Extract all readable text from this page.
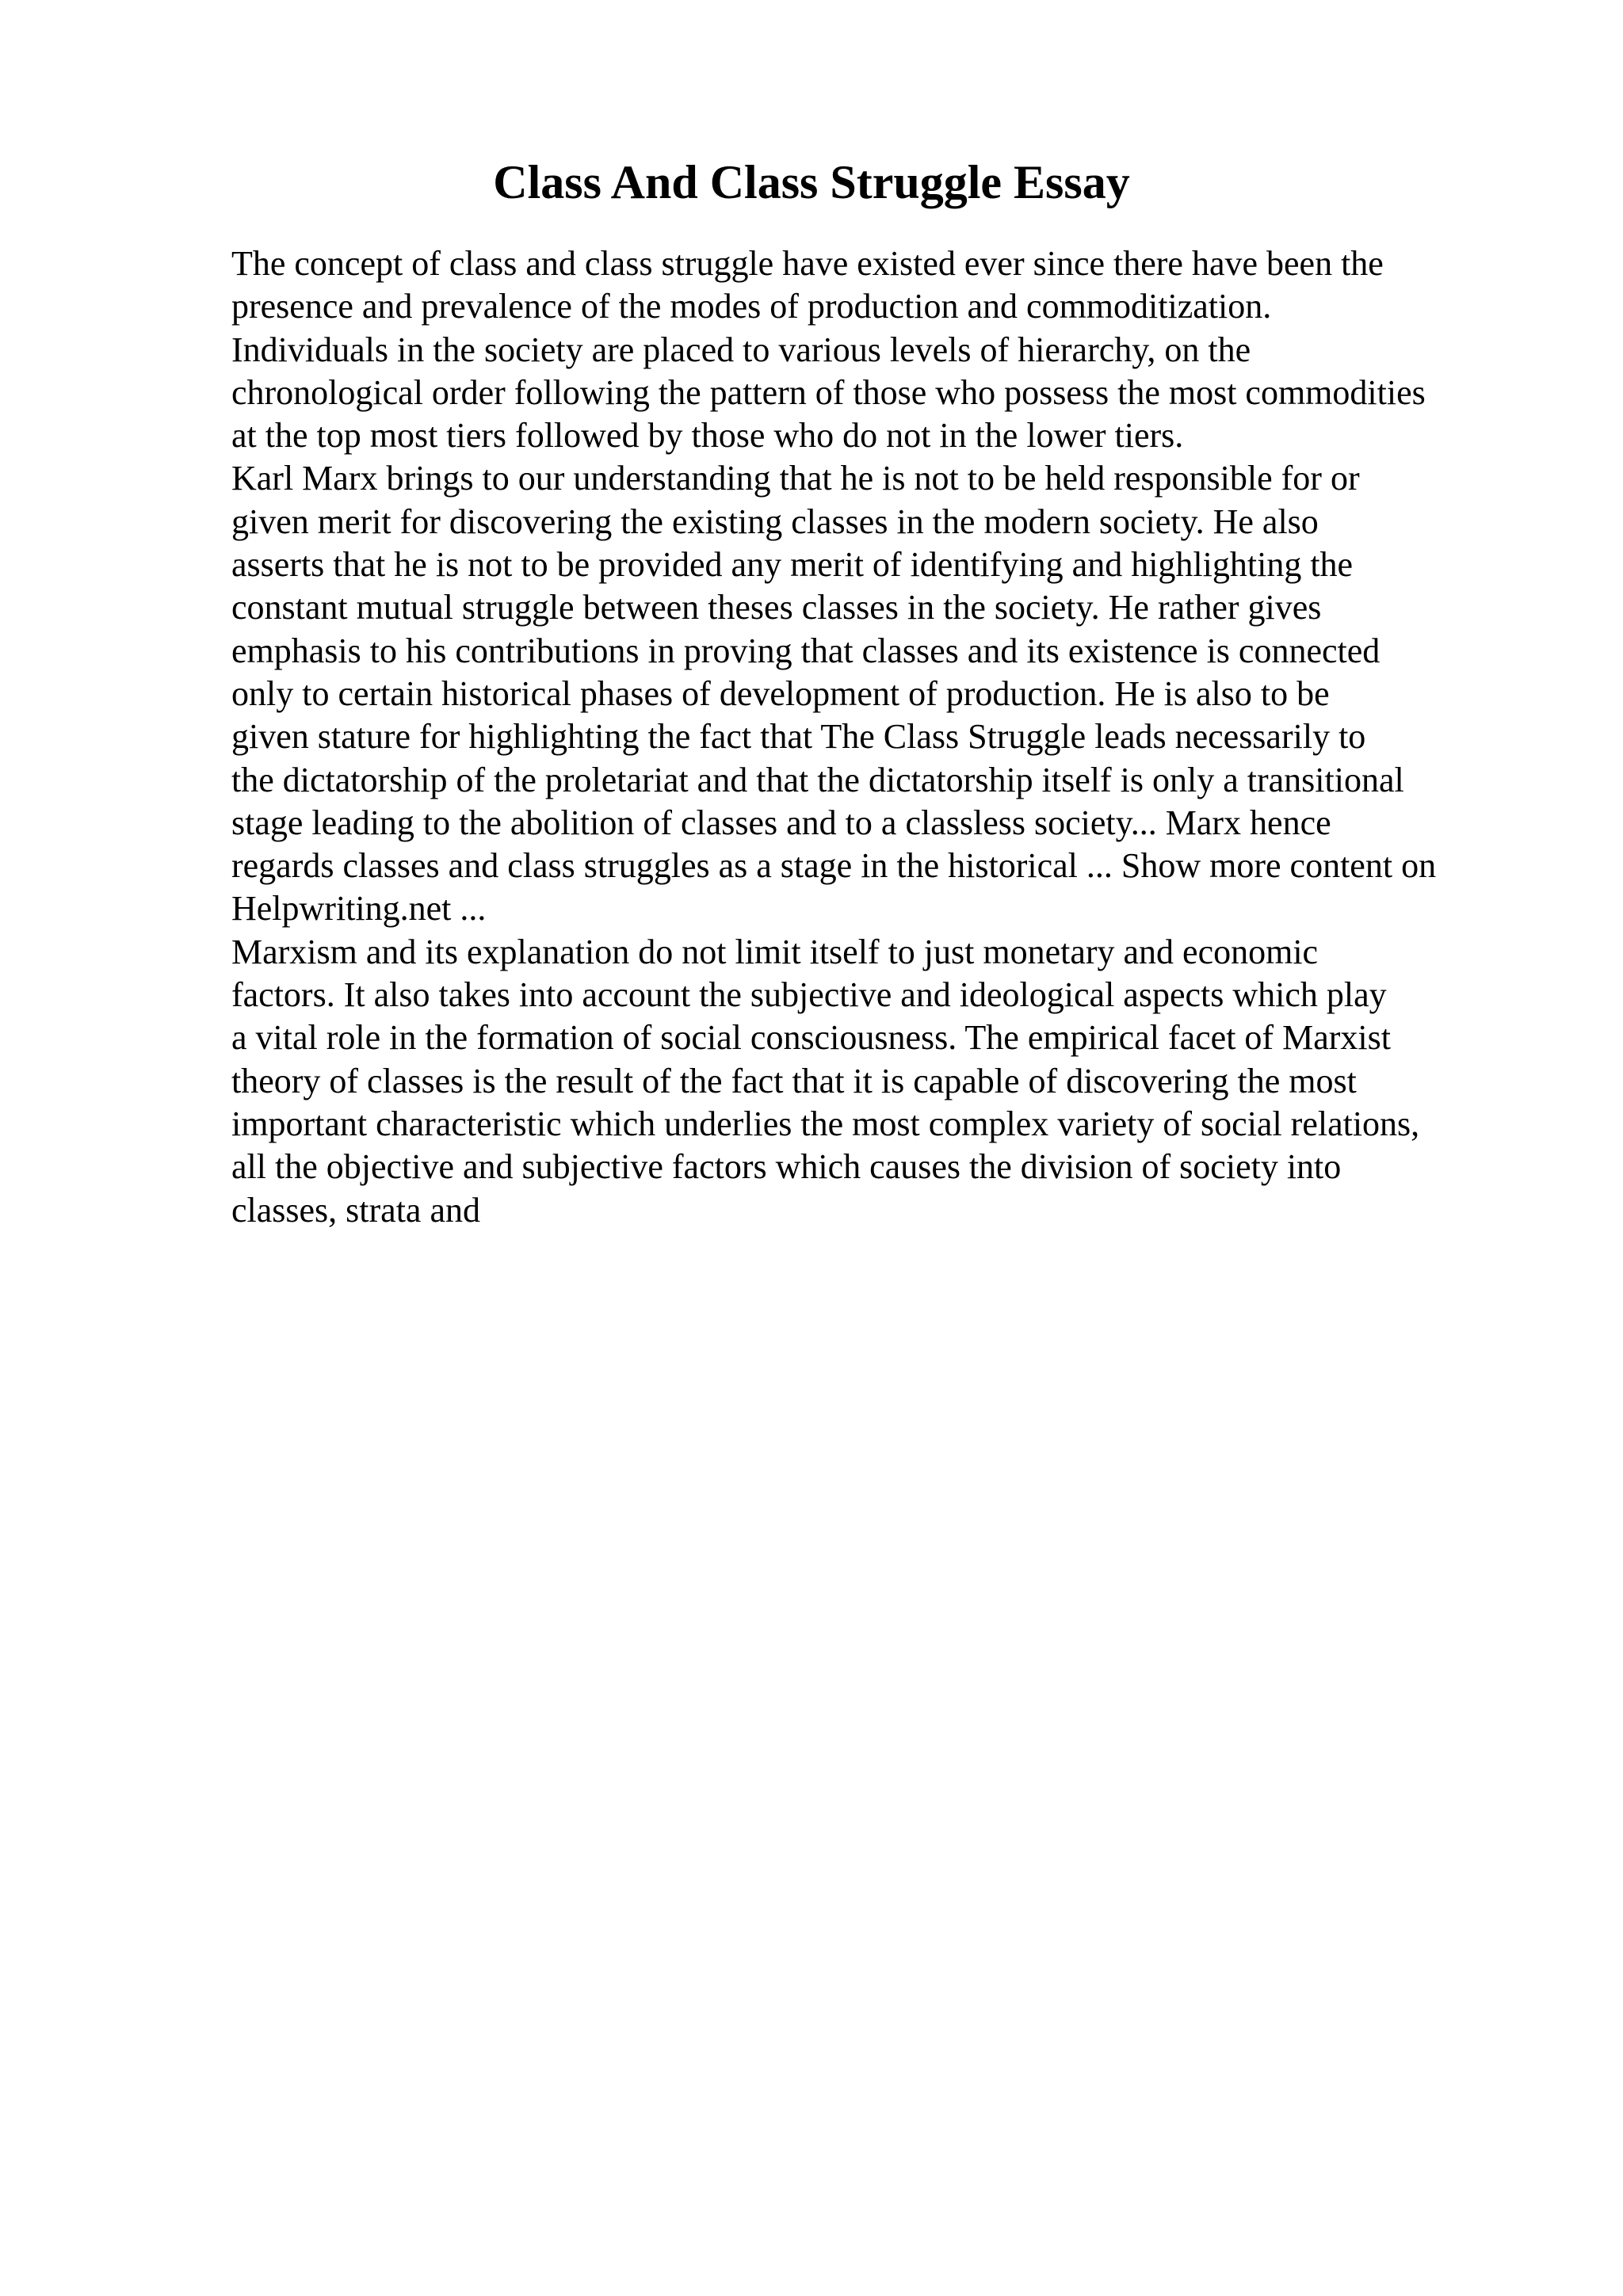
Class And Class Struggle Essay
The concept of class and class struggle have existed ever since there have been the
presence and prevalence of the modes of production and commoditization.
Individuals in the society are placed to various levels of hierarchy, on the
chronological order following the pattern of those who possess the most commodities
at the top most tiers followed by those who do not in the lower tiers.
Karl Marx brings to our understanding that he is not to be held responsible for or
given merit for discovering the existing classes in the modern society. He also
asserts that he is not to be provided any merit of identifying and highlighting the
constant mutual struggle between theses classes in the society. He rather gives
emphasis to his contributions in proving that classes and its existence is connected
only to certain historical phases of development of production. He is also to be
given stature for highlighting the fact that The Class Struggle leads necessarily to
the dictatorship of the proletariat and that the dictatorship itself is only a transitional
stage leading to the abolition of classes and to a classless society... Marx hence
regards classes and class struggles as a stage in the historical ... Show more content on
Helpwriting.net ...
Marxism and its explanation do not limit itself to just monetary and economic
factors. It also takes into account the subjective and ideological aspects which play
a vital role in the formation of social consciousness. The empirical facet of Marxist
theory of classes is the result of the fact that it is capable of discovering the most
important characteristic which underlies the most complex variety of social relations,
all the objective and subjective factors which causes the division of society into
classes, strata and
